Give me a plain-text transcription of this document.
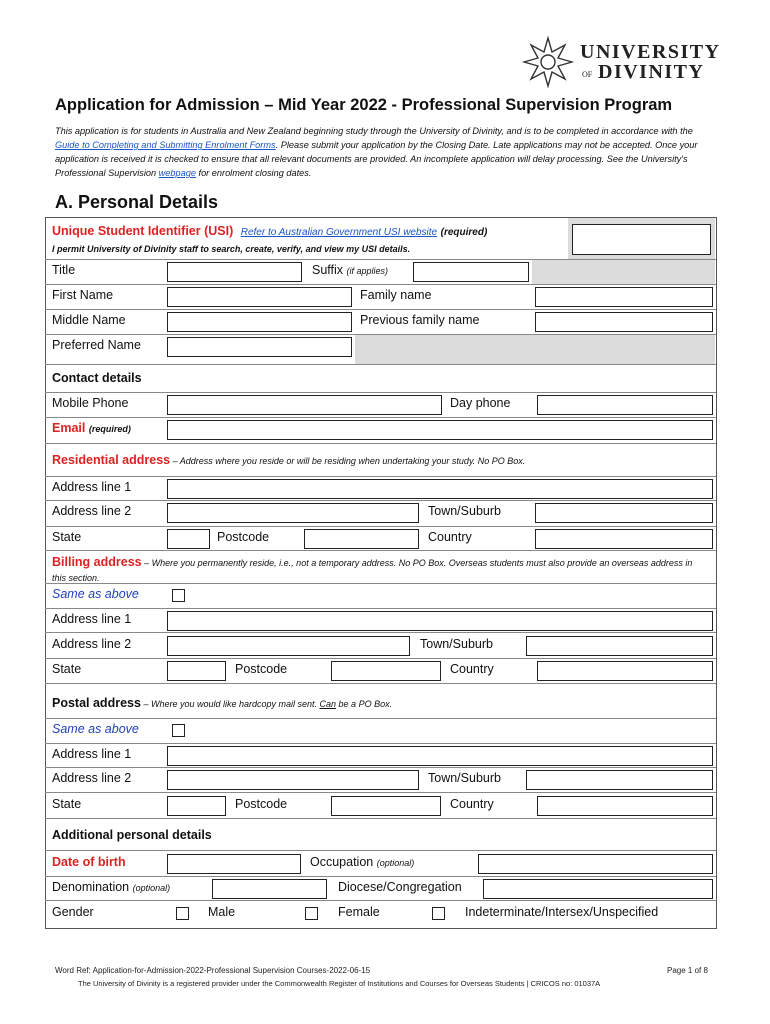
UNIVERSITY
OF DIVINITY
Application for Admission – Mid Year 2022 - Professional Supervision Program
This application is for students in Australia and New Zealand beginning study through the University of Divinity, and is to be completed in accordance with the Guide to Completing and Submitting Enrolment Forms. Please submit your application by the Closing Date. Late applications may not be accepted. Once your application is received it is checked to ensure that all relevant documents are provided. An incomplete application will delay processing. See the University's Professional Supervision webpage for enrolment closing dates.
A. Personal Details
Unique Student Identifier (USI) Refer to Australian Government USI website (required)
I permit University of Divinity staff to search, create, verify, and view my USI details.
Title	Suffix (if applies)
First Name	Family name
Middle Name	Previous family name
Preferred Name
Contact details
Mobile Phone	Day phone
Email (required)
Residential address – Address where you reside or will be residing when undertaking your study. No PO Box.
Address line 1
Address line 2	Town/Suburb
State	Postcode	Country
Billing address – Where you permanently reside, i.e., not a temporary address. No PO Box. Overseas students must also provide an overseas address in this section.
Same as above
Address line 1
Address line 2	Town/Suburb
State	Postcode	Country
Postal address – Where you would like hardcopy mail sent. Can be a PO Box.
Same as above
Address line 1
Address line 2	Town/Suburb
State	Postcode	Country
Additional personal details
Date of birth	Occupation (optional)
Denomination (optional)	Diocese/Congregation
Gender	Male	Female	Indeterminate/Intersex/Unspecified
Word Ref: Application-for-Admission-2022-Professional Supervision Courses-2022-06-15	Page 1 of 8
The University of Divinity is a registered provider under the Commonwealth Register of Institutions and Courses for Overseas Students | CRICOS no: 01037A
